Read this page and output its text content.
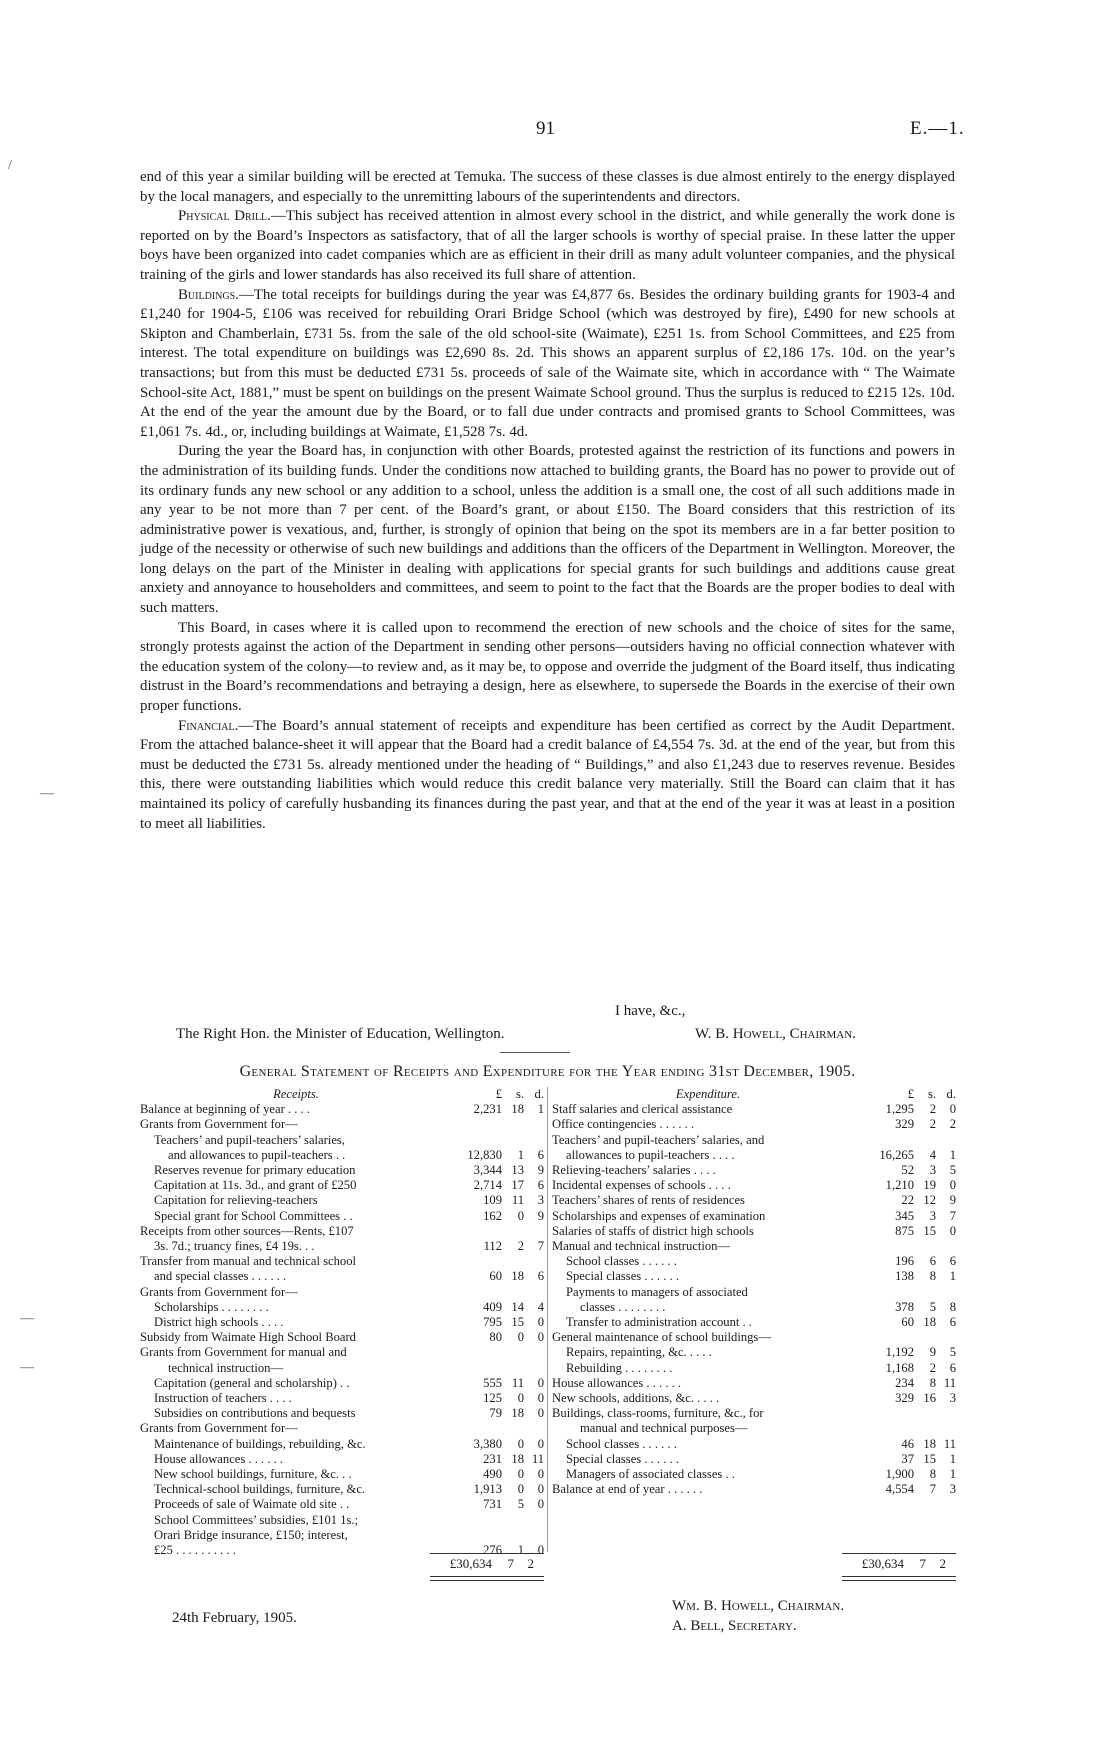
91	E.—1.
/
—
—
—

end of this year a similar building will be erected at Temuka. The success of these classes is due almost entirely to the energy displayed by the local managers, and especially to the unremitting labours of the superintendents and directors.

Physical Drill.—This subject has received attention in almost every school in the district, and while generally the work done is reported on by the Board’s Inspectors as satisfactory, that of all the larger schools is worthy of special praise. In these latter the upper boys have been organized into cadet companies which are as efficient in their drill as many adult volunteer companies, and the physical training of the girls and lower standards has also received its full share of attention.

Buildings.—The total receipts for buildings during the year was £4,877 6s. Besides the ordinary building grants for 1903-4 and £1,240 for 1904-5, £106 was received for rebuilding Orari Bridge School (which was destroyed by fire), £490 for new schools at Skipton and Chamberlain, £731 5s. from the sale of the old school-site (Waimate), £251 1s. from School Committees, and £25 from interest. The total expenditure on buildings was £2,690 8s. 2d. This shows an apparent surplus of £2,186 17s. 10d. on the year’s transactions; but from this must be deducted £731 5s. proceeds of sale of the Waimate site, which in accordance with “ The Waimate School-site Act, 1881,” must be spent on buildings on the present Waimate School ground. Thus the surplus is reduced to £215 12s. 10d. At the end of the year the amount due by the Board, or to fall due under contracts and promised grants to School Committees, was £1,061 7s. 4d., or, including buildings at Waimate, £1,528 7s. 4d.

During the year the Board has, in conjunction with other Boards, protested against the restriction of its functions and powers in the administration of its building funds. Under the conditions now attached to building grants, the Board has no power to provide out of its ordinary funds any new school or any addition to a school, unless the addition is a small one, the cost of all such additions made in any year to be not more than 7 per cent. of the Board’s grant, or about £150. The Board considers that this restriction of its administrative power is vexatious, and, further, is strongly of opinion that being on the spot its members are in a far better position to judge of the necessity or otherwise of such new buildings and additions than the officers of the Department in Wellington. Moreover, the long delays on the part of the Minister in dealing with applications for special grants for such buildings and additions cause great anxiety and annoyance to householders and committees, and seem to point to the fact that the Boards are the proper bodies to deal with such matters.

This Board, in cases where it is called upon to recommend the erection of new schools and the choice of sites for the same, strongly protests against the action of the Department in sending other persons—outsiders having no official connection whatever with the education system of the colony—to review and, as it may be, to oppose and override the judgment of the Board itself, thus indicating distrust in the Board’s recommendations and betraying a design, here as elsewhere, to supersede the Boards in the exercise of their own proper functions.

Financial.—The Board’s annual statement of receipts and expenditure has been certified as correct by the Audit Department. From the attached balance-sheet it will appear that the Board had a credit balance of £4,554 7s. 3d. at the end of the year, but from this must be deducted the £731 5s. already mentioned under the heading of “ Buildings,” and also £1,243 due to reserves revenue. Besides this, there were outstanding liabilities which would reduce this credit balance very materially. Still the Board can claim that it has maintained its policy of carefully husbanding its finances during the past year, and that at the end of the year it was at least in a position to meet all liabilities.

I have, &c.,
The Right Hon. the Minister of Education, Wellington.	W. B. Howell, Chairman.
General Statement of Receipts and Expenditure for the Year ending 31st December, 1905.
Receipts.	£	s. d.
Balance at beginning of year . . . .	2,231 18	1
Grants from Government for—
Teachers’ and pupil-teachers’ salaries,
and allowances to pupil-teachers . .	12,830	1	6
Reserves revenue for primary education	3,344 13	9
Capitation at 11s. 3d., and grant of £250	2,714 17	6
Capitation for relieving-teachers	109 11	3
Special grant for School Committees . .	162	0	9
Receipts from other sources—Rents, £107
3s. 7d.; truancy fines, £4 19s. . .	112	2	7
Transfer from manual and technical school
and special classes . . . . . .	60 18	6
Grants from Government for—
Scholarships . . . . . . . .	409 14	4
District high schools . . . .	795 15	0
Subsidy from Waimate High School Board	80	0	0
Grants from Government for manual and
technical instruction—
Capitation (general and scholarship) . .	555 11	0
Instruction of teachers . . . .	125	0	0
Subsidies on contributions and bequests	79 18	0
Grants from Government for—
Maintenance of buildings, rebuilding, &c.	3,380	0	0
House allowances . . . . . .	231 18 11
New school buildings, furniture, &c. . .	490	0	0
Technical-school buildings, furniture, &c.	1,913	0	0
Proceeds of sale of Waimate old site . .	731	5	0
School Committees’ subsidies, £101 1s.;
Orari Bridge insurance, £150; interest,
£25 . . . . . . . . . .	276	1	0
Expenditure.	£	s. d.
Staff salaries and clerical assistance	1,295	2	0
Office contingencies . . . . . .	329	2	2
Teachers’ and pupil-teachers’ salaries, and
allowances to pupil-teachers . . . .	16,265	4	1
Relieving-teachers’ salaries . . . .	52	3	5
Incidental expenses of schools . . . .	1,210 19	0
Teachers’ shares of rents of residences	22 12	9
Scholarships and expenses of examination	345	3	7
Salaries of staffs of district high schools	875 15	0
Manual and technical instruction—
School classes . . . . . .	196	6	6
Special classes . . . . . .	138	8	1
Payments to managers of associated
classes . . . . . . . .	378	5	8
Transfer to administration account . .	60 18	6
General maintenance of school buildings—
Repairs, repainting, &c. . . . .	1,192	9	5
Rebuilding . . . . . . . .	1,168	2	6
House allowances . . . . . .	234	8 11
New schools, additions, &c. . . . .	329 16	3
Buildings, class-rooms, furniture, &c., for
manual and technical purposes—
School classes . . . . . .	46 18 11
Special classes . . . . . .	37 15	1
Managers of associated classes . .	1,900	8	1
Balance at end of year . . . . . .	4,554	7	3
£30,634	7	2	£30,634	7	2
24th February, 1905.
Wm. B. Howell, Chairman.
A. Bell, Secretary.
